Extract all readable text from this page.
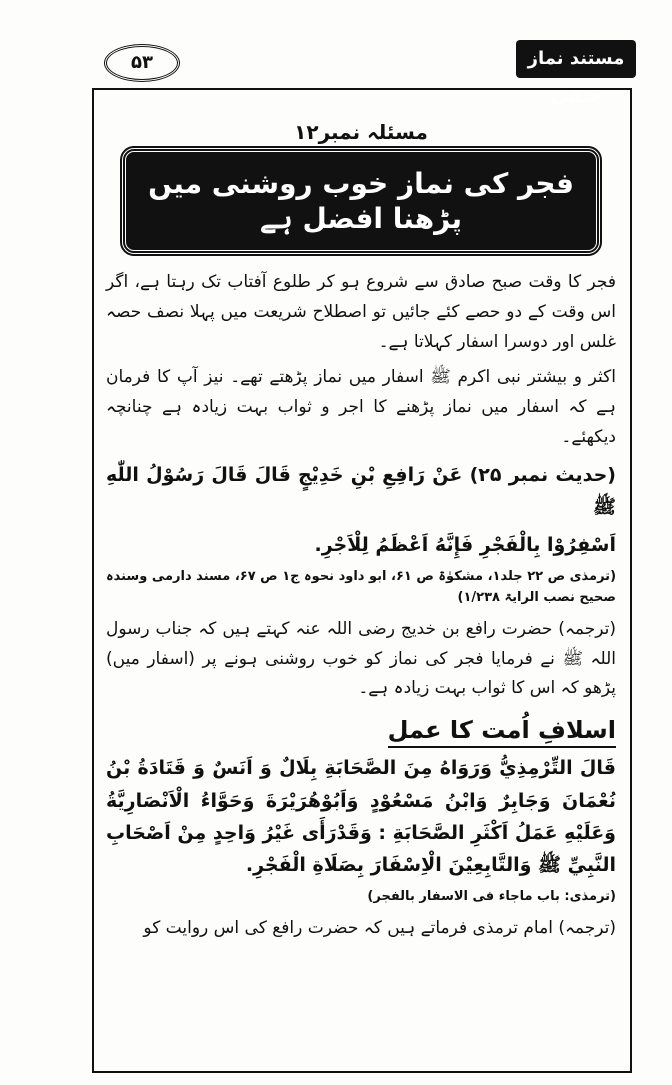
۵۳	مستند نماز حنفی
مسئلہ نمبر۱۲
فجر کی نماز خوب روشنی میں پڑھنا افضل ہے

فجر کا وقت صبح صادق سے شروع ہو کر طلوع آفتاب تک رہتا ہے، اگر اس وقت کے دو حصے کئے جائیں تو اصطلاح شریعت میں پہلا نصف حصہ غلس اور دوسرا اسفار کہلاتا ہے۔

اکثر و بیشتر نبی اکرم ﷺ اسفار میں نماز پڑھتے تھے۔ نیز آپ کا فرمان ہے کہ اسفار میں نماز پڑھنے کا اجر و ثواب بہت زیادہ ہے چنانچہ دیکھئے۔

(حدیث نمبر ۲۵) عَنْ رَافِعِ بْنِ خَدِيْجٍ قَالَ قَالَ رَسُوْلُ اللّٰهِ ﷺ

اَسْفِرُوْا بِالْفَجْرِ فَإِنَّهُ اَعْظَمُ لِلْاَجْرِ.

(ترمذی ص ۲۲ جلد۱، مشکوٰۃ ص ۶۱، ابو داود نحوہ ج۱ ص ۶۷، مسند دارمی وسندہ صحیح نصب الرایۃ ۱/۲۳۸)

(ترجمہ) حضرت رافع بن خدیج رضی اللہ عنہ کہتے ہیں کہ جناب رسول اللہ ﷺ نے فرمایا فجر کی نماز کو خوب روشنی ہونے پر (اسفار میں) پڑھو کہ اس کا ثواب بہت زیادہ ہے۔

اسلافِ اُمت کا عمل

قَالَ التِّرْمِذِيُّ وَرَوَاهُ مِنَ الصَّحَابَةِ بِلَالٌ وَ اَنَسٌ وَ قَتَادَةُ بْنُ نُعْمَانَ وَجَابِرٌ وَابْنُ مَسْعُوْدٍ وَاَبُوْهُرَيْرَةَ وَحَوَّاءُ الْاَنْصَارِيَّةُ وَعَلَيْهِ عَمَلُ اَكْثَرِ الصَّحَابَةِ : وَقَدْرَأَى غَيْرُ وَاحِدٍ مِنْ اَصْحَابِ النَّبِيِّ ﷺ وَالتَّابِعِيْنَ الْاِسْفَارَ بِصَلَاةِ الْفَجْرِ.

(ترمذی: باب ماجاء فی الاسفار بالفجر)

(ترجمہ) امام ترمذی فرماتے ہیں کہ حضرت رافع کی اس روایت کو
